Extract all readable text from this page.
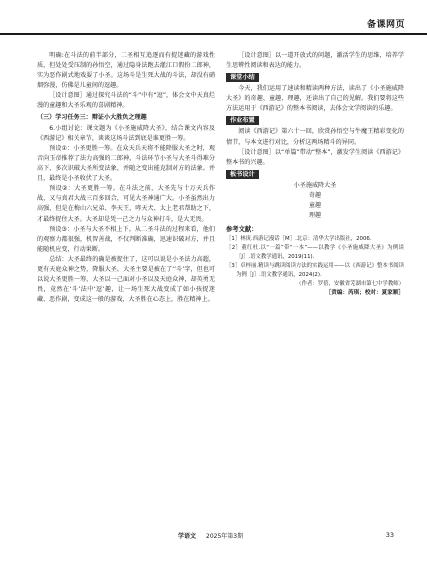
备课网页

明确:在斗法的前半部分，二圣相互追逐而有捉迷藏的游戏性质，但处处受压制的孙悟空，通过隐身法跑去灌江口假扮二郎神，实为恶作剧式地戏耍了小圣。这场斗是生死大战的斗法，却没有硝烟弥漫，仿佛是儿童间的逗趣。

［设计意图］通过探究斗法的“斗”中有“逗”，体会文中天真烂漫的童趣和大圣乐观的喜剧精神。

（三）学习任务三：辩证小大胜负之理趣

6.小组讨论：课文题为《小圣施威降大圣》，结合课文内容及《西游记》相关章节，谈谈这场斗法到底是谁更胜一筹。

预设①：小圣更胜一筹。在众天兵天将不能降服大圣之时，观音向玉帝推荐了法力高强的二郎神，斗法环节小圣与大圣斗得难分高下，多次识破大圣所变法象，并随之变出能克制对方的法象。并且，最终是小圣收伏了大圣。

预设②：大圣更胜一筹。在斗法之前，大圣先与十万天兵作战，又与真君大战三百多回合，可见大圣神通广大。小圣虽然出力高强，但是在梅山六兄弟、李天王、哮天犬、太上老君帮助之下，才最终捉住大圣。大圣却是凭一己之力与众神打斗，是大无畏。

预设③：小圣与大圣不相上下。从二圣斗法的过程来看，他们的观察力都很强，机智善战，不仅判断准确，迅速识破对方，并且能随机应变，行动果断。

总结：大圣最终的确是被捉住了，这可以说是小圣法力高超，更有天庭众神之势，降服大圣。大圣主要是被在了‘’斗’字，但也可以说大圣更胜一筹，大圣以一己面对小圣以及天庭众神，却英勇无畏，竟然在‘斗’法中‘逗’趣，让一场生死大战变成了如小孩捉迷藏、恶作剧，变成这一般的游戏，大圣胜在心态上，胜在精神上。

［设计意图］以一道开放式的问题，激活学生的思维，培养学生思辨性阅读和表达的能力。

课堂小结

今天，我们运用了速读和精读两种方法，读出了《小圣施威降大圣》的奇趣、童趣、理趣，还读出了自己的见解。我们要将这些方法运用于《西游记》的整本书阅读，去体会文学阅读的乐趣。

作业布置

阅读《西游记》第六十一回，欣赏孙悟空与牛魔王精彩变化的情节，与本文进行对比，分析这两场精斗的异同。

［设计意图］以“单篇”带动“整本”，激发学生阅读《西游记》整本书的兴趣。

板书设计
小圣施威降大圣
奇趣
童趣
理趣
参考文献：
［1］林庚.西游记漫话［M］.北京：清华大学出版社，2006.
［2］董红杜.以“一篇”带“一本”——以教学《小圣施威降大圣》为例谈［J］.语文教学通讯，2019(11).
［3］卓梓丽.精读与跳读阅读方法的实践运用——以《西游记》整本书阅读为例［J］.语文教学通讯，2024(2).
（作者：罗蓓，安徽省芜湖市第七中学教师）
［责编：芮琪；校对：夏家顺］
学语文 2025年第3期	33
